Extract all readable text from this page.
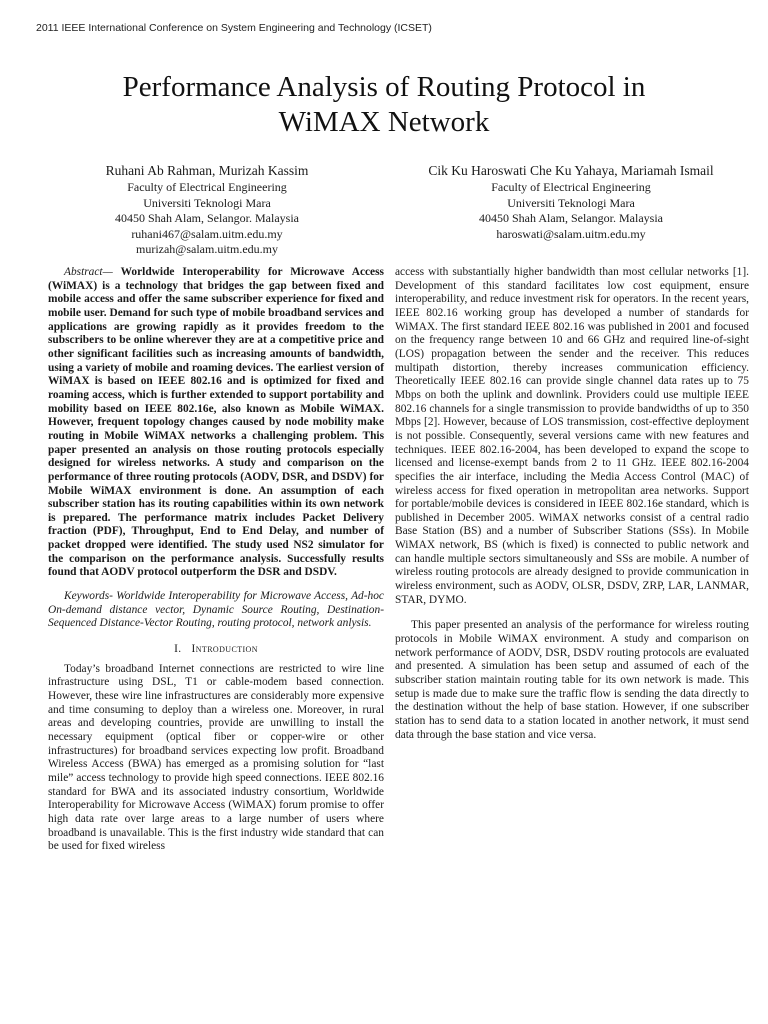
2011 IEEE International Conference on System Engineering and Technology (ICSET)
Performance Analysis of Routing Protocol in
WiMAX Network
Ruhani Ab Rahman, Murizah Kassim
Faculty of Electrical Engineering
Universiti Teknologi Mara
40450 Shah Alam, Selangor. Malaysia
ruhani467@salam.uitm.edu.my
murizah@salam.uitm.edu.my
Cik Ku Haroswati Che Ku Yahaya, Mariamah Ismail
Faculty of Electrical Engineering
Universiti Teknologi Mara
40450 Shah Alam, Selangor. Malaysia
haroswati@salam.uitm.edu.my

Abstract— Worldwide Interoperability for Microwave Access (WiMAX) is a technology that bridges the gap between fixed and mobile access and offer the same subscriber experience for fixed and mobile user. Demand for such type of mobile broadband services and applications are growing rapidly as it provides freedom to the subscribers to be online wherever they are at a competitive price and other significant facilities such as increasing amounts of bandwidth, using a variety of mobile and roaming devices. The earliest version of WiMAX is based on IEEE 802.16 and is optimized for fixed and roaming access, which is further extended to support portability and mobility based on IEEE 802.16e, also known as Mobile WiMAX. However, frequent topology changes caused by node mobility make routing in Mobile WiMAX networks a challenging problem. This paper presented an analysis on those routing protocols especially designed for wireless networks. A study and comparison on the performance of three routing protocols (AODV, DSR, and DSDV) for Mobile WiMAX environment is done. An assumption of each subscriber station has its routing capabilities within its own network is prepared. The performance matrix includes Packet Delivery fraction (PDF), Throughput, End to End Delay, and number of packet dropped were identified. The study used NS2 simulator for the comparison on the performance analysis. Successfully results found that AODV protocol outperform the DSR and DSDV.

Keywords- Worldwide Interoperability for Microwave Access, Ad-hoc On-demand distance vector, Dynamic Source Routing, Destination-Sequenced Distance-Vector Routing, routing protocol, network anlysis.

I. Introduction

Today’s broadband Internet connections are restricted to wire line infrastructure using DSL, T1 or cable-modem based connection. However, these wire line infrastructures are considerably more expensive and time consuming to deploy than a wireless one. Moreover, in rural areas and developing countries, provide are unwilling to install the necessary equipment (optical fiber or copper-wire or other infrastructures) for broadband services expecting low profit. Broadband Wireless Access (BWA) has emerged as a promising solution for “last mile” access technology to provide high speed connections. IEEE 802.16 standard for BWA and its associated industry consortium, Worldwide Interoperability for Microwave Access (WiMAX) forum promise to offer high data rate over large areas to a large number of users where broadband is unavailable. This is the first industry wide standard that can be used for fixed wireless

access with substantially higher bandwidth than most cellular networks [1]. Development of this standard facilitates low cost equipment, ensure interoperability, and reduce investment risk for operators. In the recent years, IEEE 802.16 working group has developed a number of standards for WiMAX. The first standard IEEE 802.16 was published in 2001 and focused on the frequency range between 10 and 66 GHz and required line-of-sight (LOS) propagation between the sender and the receiver. This reduces multipath distortion, thereby increases communication efficiency. Theoretically IEEE 802.16 can provide single channel data rates up to 75 Mbps on both the uplink and downlink. Providers could use multiple IEEE 802.16 channels for a single transmission to provide bandwidths of up to 350 Mbps [2]. However, because of LOS transmission, cost-effective deployment is not possible. Consequently, several versions came with new features and techniques. IEEE 802.16-2004, has been developed to expand the scope to licensed and license-exempt bands from 2 to 11 GHz. IEEE 802.16-2004 specifies the air interface, including the Media Access Control (MAC) of wireless access for fixed operation in metropolitan area networks. Support for portable/mobile devices is considered in IEEE 802.16e standard, which is published in December 2005. WiMAX networks consist of a central radio Base Station (BS) and a number of Subscriber Stations (SSs). In Mobile WiMAX network, BS (which is fixed) is connected to public network and can handle multiple sectors simultaneously and SSs are mobile. A number of wireless routing protocols are already designed to provide communication in wireless environment, such as AODV, OLSR, DSDV, ZRP, LAR, LANMAR, STAR, DYMO.

This paper presented an analysis of the performance for wireless routing protocols in Mobile WiMAX environment. A study and comparison on network performance of AODV, DSR, DSDV routing protocols are evaluated and presented. A simulation has been setup and assumed of each of the subscriber station maintain routing table for its own network is made. This setup is made due to make sure the traffic flow is sending the data directly to the destination without the help of base station. However, if one subscriber station has to send data to a station located in another network, it must send data through the base station and vice versa.
